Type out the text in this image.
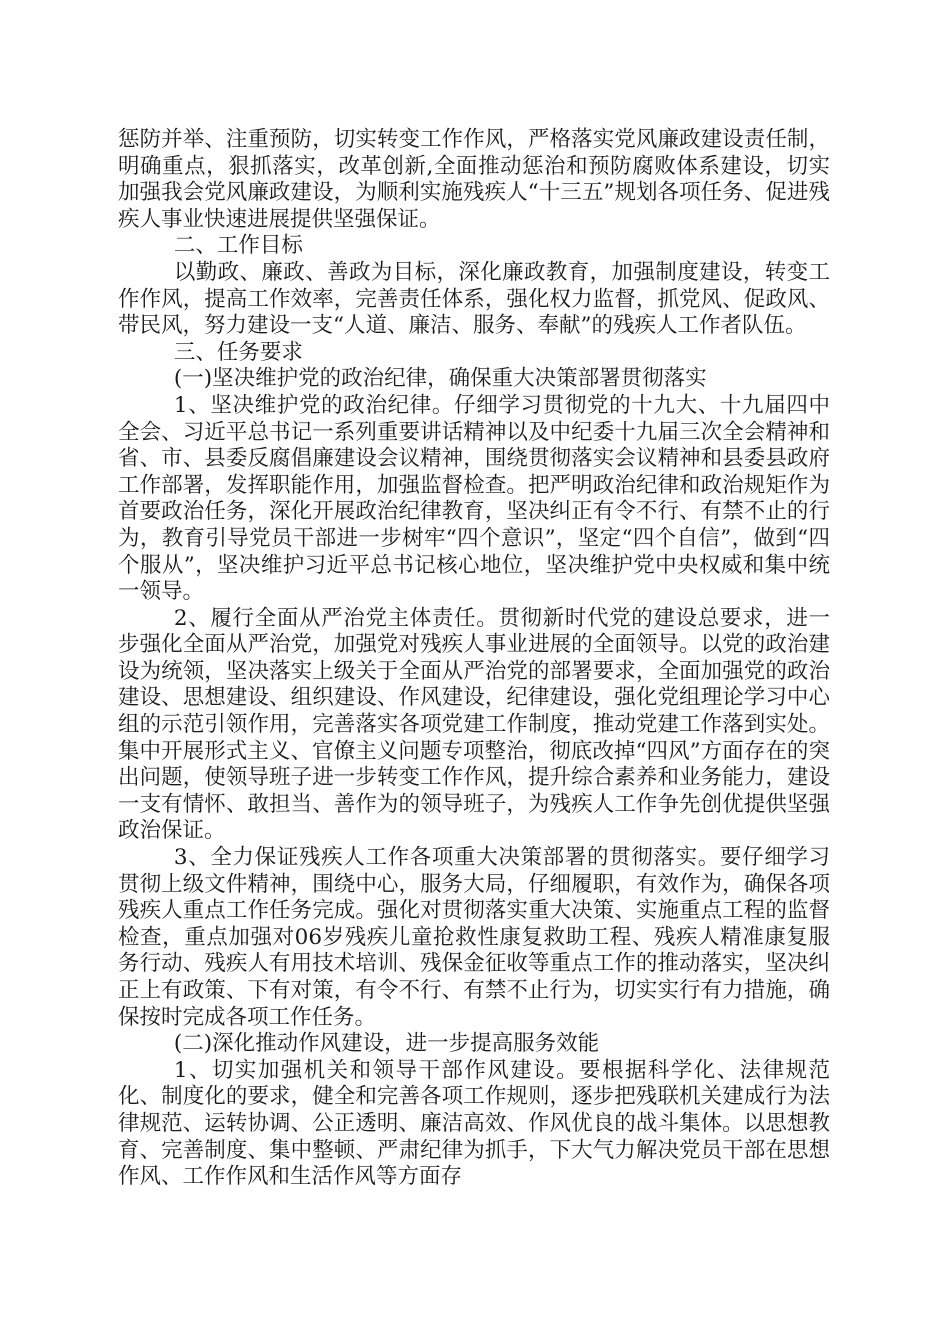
惩防并举、注重预防，切实转变工作作风，严格落实党风廉政建设责任制，明确重点，狠抓落实，改革创新,全面推动惩治和预防腐败体系建设，切实加强我会党风廉政建设，为顺利实施残疾人“十三五”规划各项任务、促进残疾人事业快速进展提供坚强保证。

二、工作目标

以勤政、廉政、善政为目标，深化廉政教育，加强制度建设，转变工作作风，提高工作效率，完善责任体系，强化权力监督，抓党风、促政风、带民风，努力建设一支“人道、廉洁、服务、奉献”的残疾人工作者队伍。

三、任务要求

(一)坚决维护党的政治纪律，确保重大决策部署贯彻落实

1、坚决维护党的政治纪律。仔细学习贯彻党的十九大、十九届四中全会、习近平总书记一系列重要讲话精神以及中纪委十九届三次全会精神和省、市、县委反腐倡廉建设会议精神，围绕贯彻落实会议精神和县委县政府工作部署，发挥职能作用，加强监督检查。把严明政治纪律和政治规矩作为首要政治任务，深化开展政治纪律教育，坚决纠正有令不行、有禁不止的行为，教育引导党员干部进一步树牢“四个意识”，坚定“四个自信”，做到“四个服从”，坚决维护习近平总书记核心地位，坚决维护党中央权威和集中统一领导。

2、履行全面从严治党主体责任。贯彻新时代党的建设总要求，进一步强化全面从严治党，加强党对残疾人事业进展的全面领导。以党的政治建设为统领，坚决落实上级关于全面从严治党的部署要求，全面加强党的政治建设、思想建设、组织建设、作风建设，纪律建设，强化党组理论学习中心组的示范引领作用，完善落实各项党建工作制度，推动党建工作落到实处。集中开展形式主义、官僚主义问题专项整治，彻底改掉“四风”方面存在的突出问题，使领导班子进一步转变工作作风，提升综合素养和业务能力，建设一支有情怀、敢担当、善作为的领导班子，为残疾人工作争先创优提供坚强政治保证。

3、全力保证残疾人工作各项重大决策部署的贯彻落实。要仔细学习贯彻上级文件精神，围绕中心，服务大局，仔细履职，有效作为，确保各项残疾人重点工作任务完成。强化对贯彻落实重大决策、实施重点工程的监督检查，重点加强对06岁残疾儿童抢救性康复救助工程、残疾人精准康复服务行动、残疾人有用技术培训、残保金征收等重点工作的推动落实，坚决纠正上有政策、下有对策，有令不行、有禁不止行为，切实实行有力措施，确保按时完成各项工作任务。

(二)深化推动作风建设，进一步提高服务效能

1、切实加强机关和领导干部作风建设。要根据科学化、法律规范化、制度化的要求，健全和完善各项工作规则，逐步把残联机关建成行为法律规范、运转协调、公正透明、廉洁高效、作风优良的战斗集体。以思想教育、完善制度、集中整顿、严肃纪律为抓手，下大气力解决党员干部在思想作风、工作作风和生活作风等方面存
